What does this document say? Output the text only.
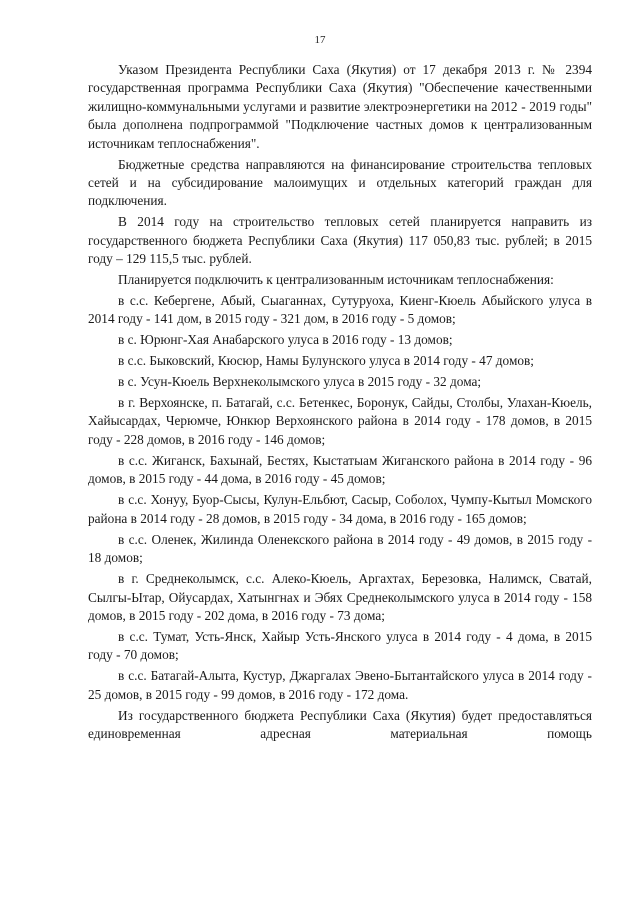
17

Указом Президента Республики Саха (Якутия) от 17 декабря 2013 г. № 2394 государственная программа Республики Саха (Якутия) "Обеспечение качественными жилищно-коммунальными услугами и развитие электроэнергетики на 2012 - 2019 годы" была дополнена подпрограммой "Подключение частных домов к централизованным источникам теплоснабжения".

Бюджетные средства направляются на финансирование строительства тепловых сетей и на субсидирование малоимущих и отдельных категорий граждан для подключения.

В 2014 году на строительство тепловых сетей планируется направить из государственного бюджета Республики Саха (Якутия) 117 050,83 тыс. рублей; в 2015 году – 129 115,5 тыс. рублей.

Планируется подключить к централизованным источникам теплоснабжения:

в с.с. Кебергене, Абый, Сыаганнах, Сутуруоха, Киенг-Кюель Абыйского улуса в 2014 году - 141 дом, в 2015 году - 321 дом, в 2016 году - 5 домов;

в с. Юрюнг-Хая Анабарского улуса в 2016 году - 13 домов;

в с.с. Быковский, Кюсюр, Намы Булунского улуса в 2014 году - 47 домов;

в с. Усун-Кюель Верхнеколымского улуса в 2015 году - 32 дома;

в г. Верхоянске, п. Батагай, с.с. Бетенкес, Боронук, Сайды, Столбы, Улахан-Кюель, Хайысардах, Черюмче, Юнкюр Верхоянского района в 2014 году - 178 домов, в 2015 году - 228 домов, в 2016 году - 146 домов;

в с.с. Жиганск, Бахынай, Бестях, Кыстатыам Жиганского района в 2014 году - 96 домов, в 2015 году - 44 дома, в 2016 году - 45 домов;

в с.с. Хонуу, Буор-Сысы, Кулун-Ельбют, Сасыр, Соболох, Чумпу-Кытыл Момского района в 2014 году - 28 домов, в 2015 году - 34 дома, в 2016 году - 165 домов;

в с.с. Оленек, Жилинда Оленекского района в 2014 году - 49 домов, в 2015 году - 18 домов;

в г. Среднеколымск, с.с. Алеко-Кюель, Аргахтах, Березовка, Налимск, Сватай, Сылгы-Ытар, Ойусардах, Хатынгнах и Эбях Среднеколымского улуса в 2014 году - 158 домов, в 2015 году - 202 дома, в 2016 году - 73 дома;

в с.с. Тумат, Усть-Янск, Хайыр Усть-Янского улуса в 2014 году - 4 дома, в 2015 году - 70 домов;

в с.с. Батагай-Алыта, Кустур, Джаргалах Эвено-Бытантайского улуса в 2014 году - 25 домов, в 2015 году - 99 домов, в 2016 году - 172 дома.

Из государственного бюджета Республики Саха (Якутия) будет предоставляться единовременная адресная материальная помощь
